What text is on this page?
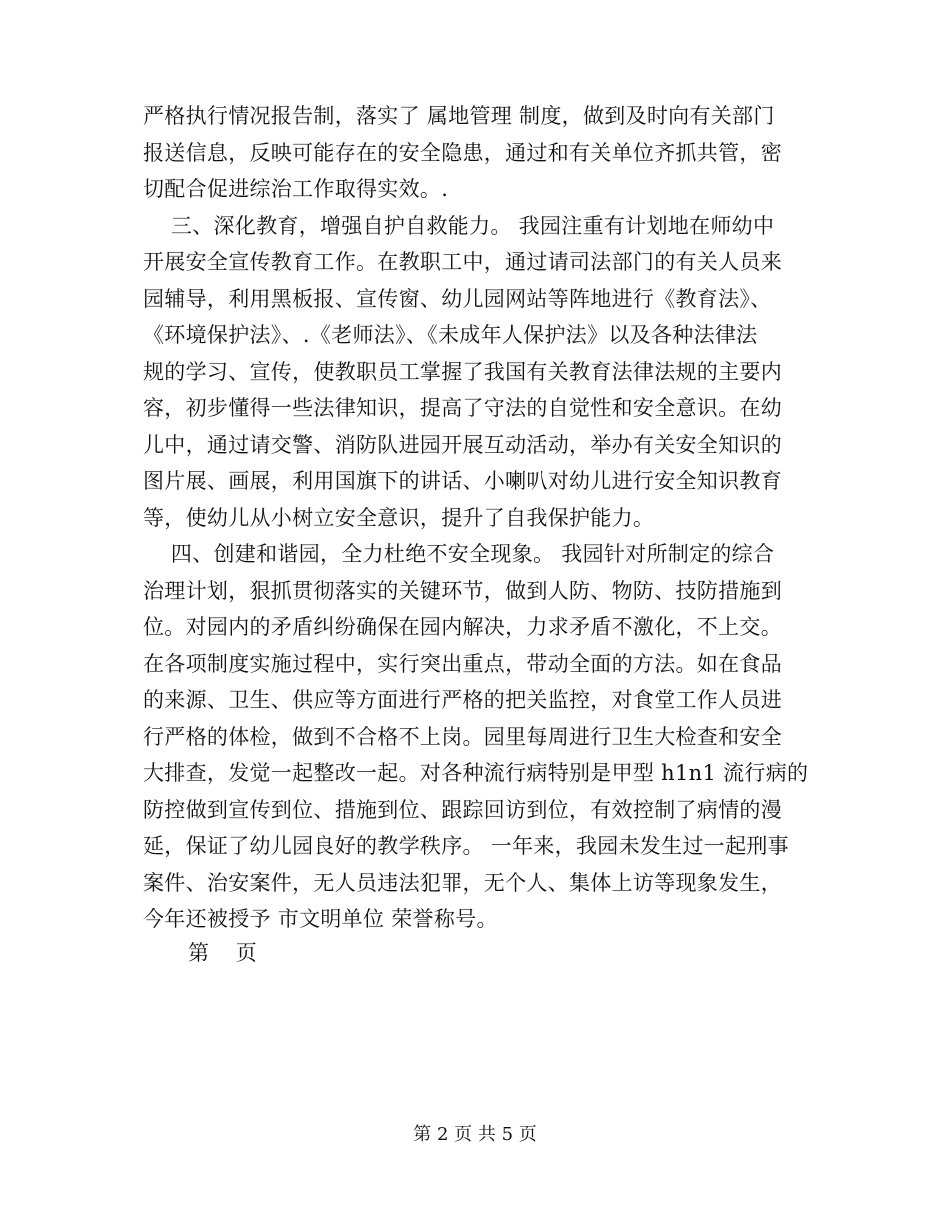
严格执行情况报告制，落实了 属地管理 制度，做到及时向有关部门
报送信息，反映可能存在的安全隐患，通过和有关单位齐抓共管，密
切配合促进综治工作取得实效。.
三、深化教育，增强自护自救能力。 我园注重有计划地在师幼中
开展安全宣传教育工作。在教职工中，通过请司法部门的有关人员来
园辅导，利用黑板报、宣传窗、幼儿园网站等阵地进行《教育法》、
《环境保护法》、.《老师法》、《未成年人保护法》以及各种法律法
规的学习、宣传，使教职员工掌握了我国有关教育法律法规的主要内
容，初步懂得一些法律知识，提高了守法的自觉性和安全意识。在幼
儿中，通过请交警、消防队进园开展互动活动，举办有关安全知识的
图片展、画展，利用国旗下的讲话、小喇叭对幼儿进行安全知识教育
等，使幼儿从小树立安全意识，提升了自我保护能力。
四、创建和谐园，全力杜绝不安全现象。 我园针对所制定的综合
治理计划，狠抓贯彻落实的关键环节，做到人防、物防、技防措施到
位。对园内的矛盾纠纷确保在园内解决，力求矛盾不激化，不上交。
在各项制度实施过程中，实行突出重点，带动全面的方法。如在食品
的来源、卫生、供应等方面进行严格的把关监控，对食堂工作人员进
行严格的体检，做到不合格不上岗。园里每周进行卫生大检查和安全
大排查，发觉一起整改一起。对各种流行病特别是甲型 h1n1 流行病的
防控做到宣传到位、措施到位、跟踪回访到位，有效控制了病情的漫
延，保证了幼儿园良好的教学秩序。 一年来，我园未发生过一起刑事
案件、治安案件，无人员违法犯罪，无个人、集体上访等现象发生，
今年还被授予 市文明单位 荣誉称号。
第    页
第 2 页 共 5 页
